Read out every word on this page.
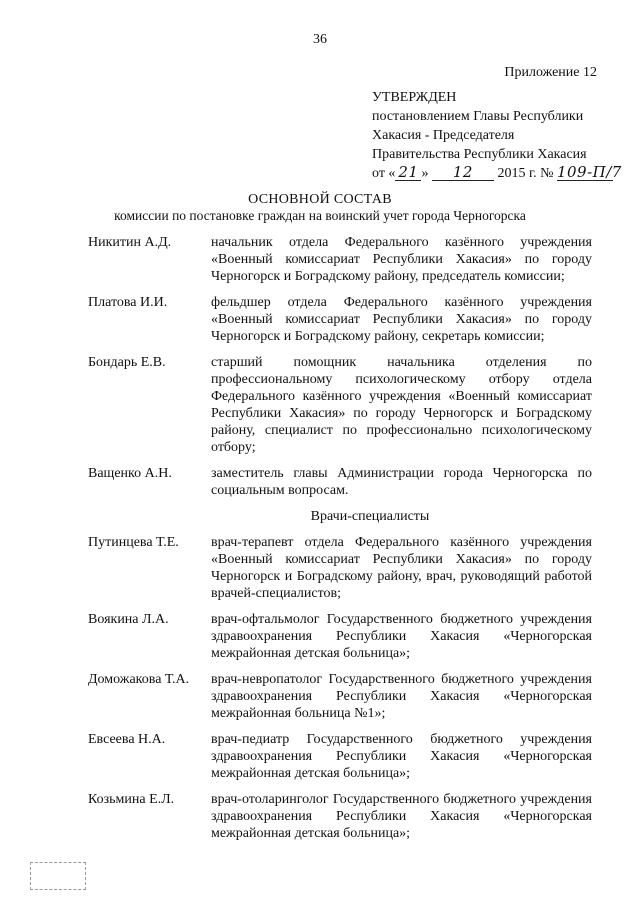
36
Приложение 12
УТВЕРЖДЕН
постановлением Главы Республики
Хакасия - Председателя
Правительства Республики Хакасия
от « 21 » 12 2015 г. № 109-П/7
ОСНОВНОЙ СОСТАВ
комиссии по постановке граждан на воинский учет города Черногорска
Никитин А.Д.	начальник отдела Федерального казённого учреждения «Военный комиссариат Республики Хакасия» по городу Черногорск и Боградскому району, председатель комиссии;
Платова И.И.	фельдшер отдела Федерального казённого учреждения «Военный комиссариат Республики Хакасия» по городу Черногорск и Боградскому району, секретарь комиссии;
Бондарь Е.В.	старший помощник начальника отделения по профессиональному психологическому отбору отдела Федерального казённого учреждения «Военный комиссариат Республики Хакасия» по городу Черногорск и Боградскому району, специалист по профессионально психологическому отбору;
Ващенко А.Н.	заместитель главы Администрации города Черногорска по социальным вопросам.
Врачи-специалисты
Путинцева Т.Е.	врач-терапевт отдела Федерального казённого учреждения «Военный комиссариат Республики Хакасия» по городу Черногорск и Боградскому району, врач, руководящий работой врачей-специалистов;
Воякина Л.А.	врач-офтальмолог Государственного бюджетного учреждения здравоохранения Республики Хакасия «Черногорская межрайонная детская больница»;
Доможакова Т.А.	врач-невропатолог Государственного бюджетного учреждения здравоохранения Республики Хакасия «Черногорская межрайонная больница №1»;
Евсеева Н.А.	врач-педиатр Государственного бюджетного учреждения здравоохранения Республики Хакасия «Черногорская межрайонная детская больница»;
Козьмина Е.Л.	врач-отоларинголог Государственного бюджетного учреждения здравоохранения Республики Хакасия «Черногорская межрайонная детская больница»;
